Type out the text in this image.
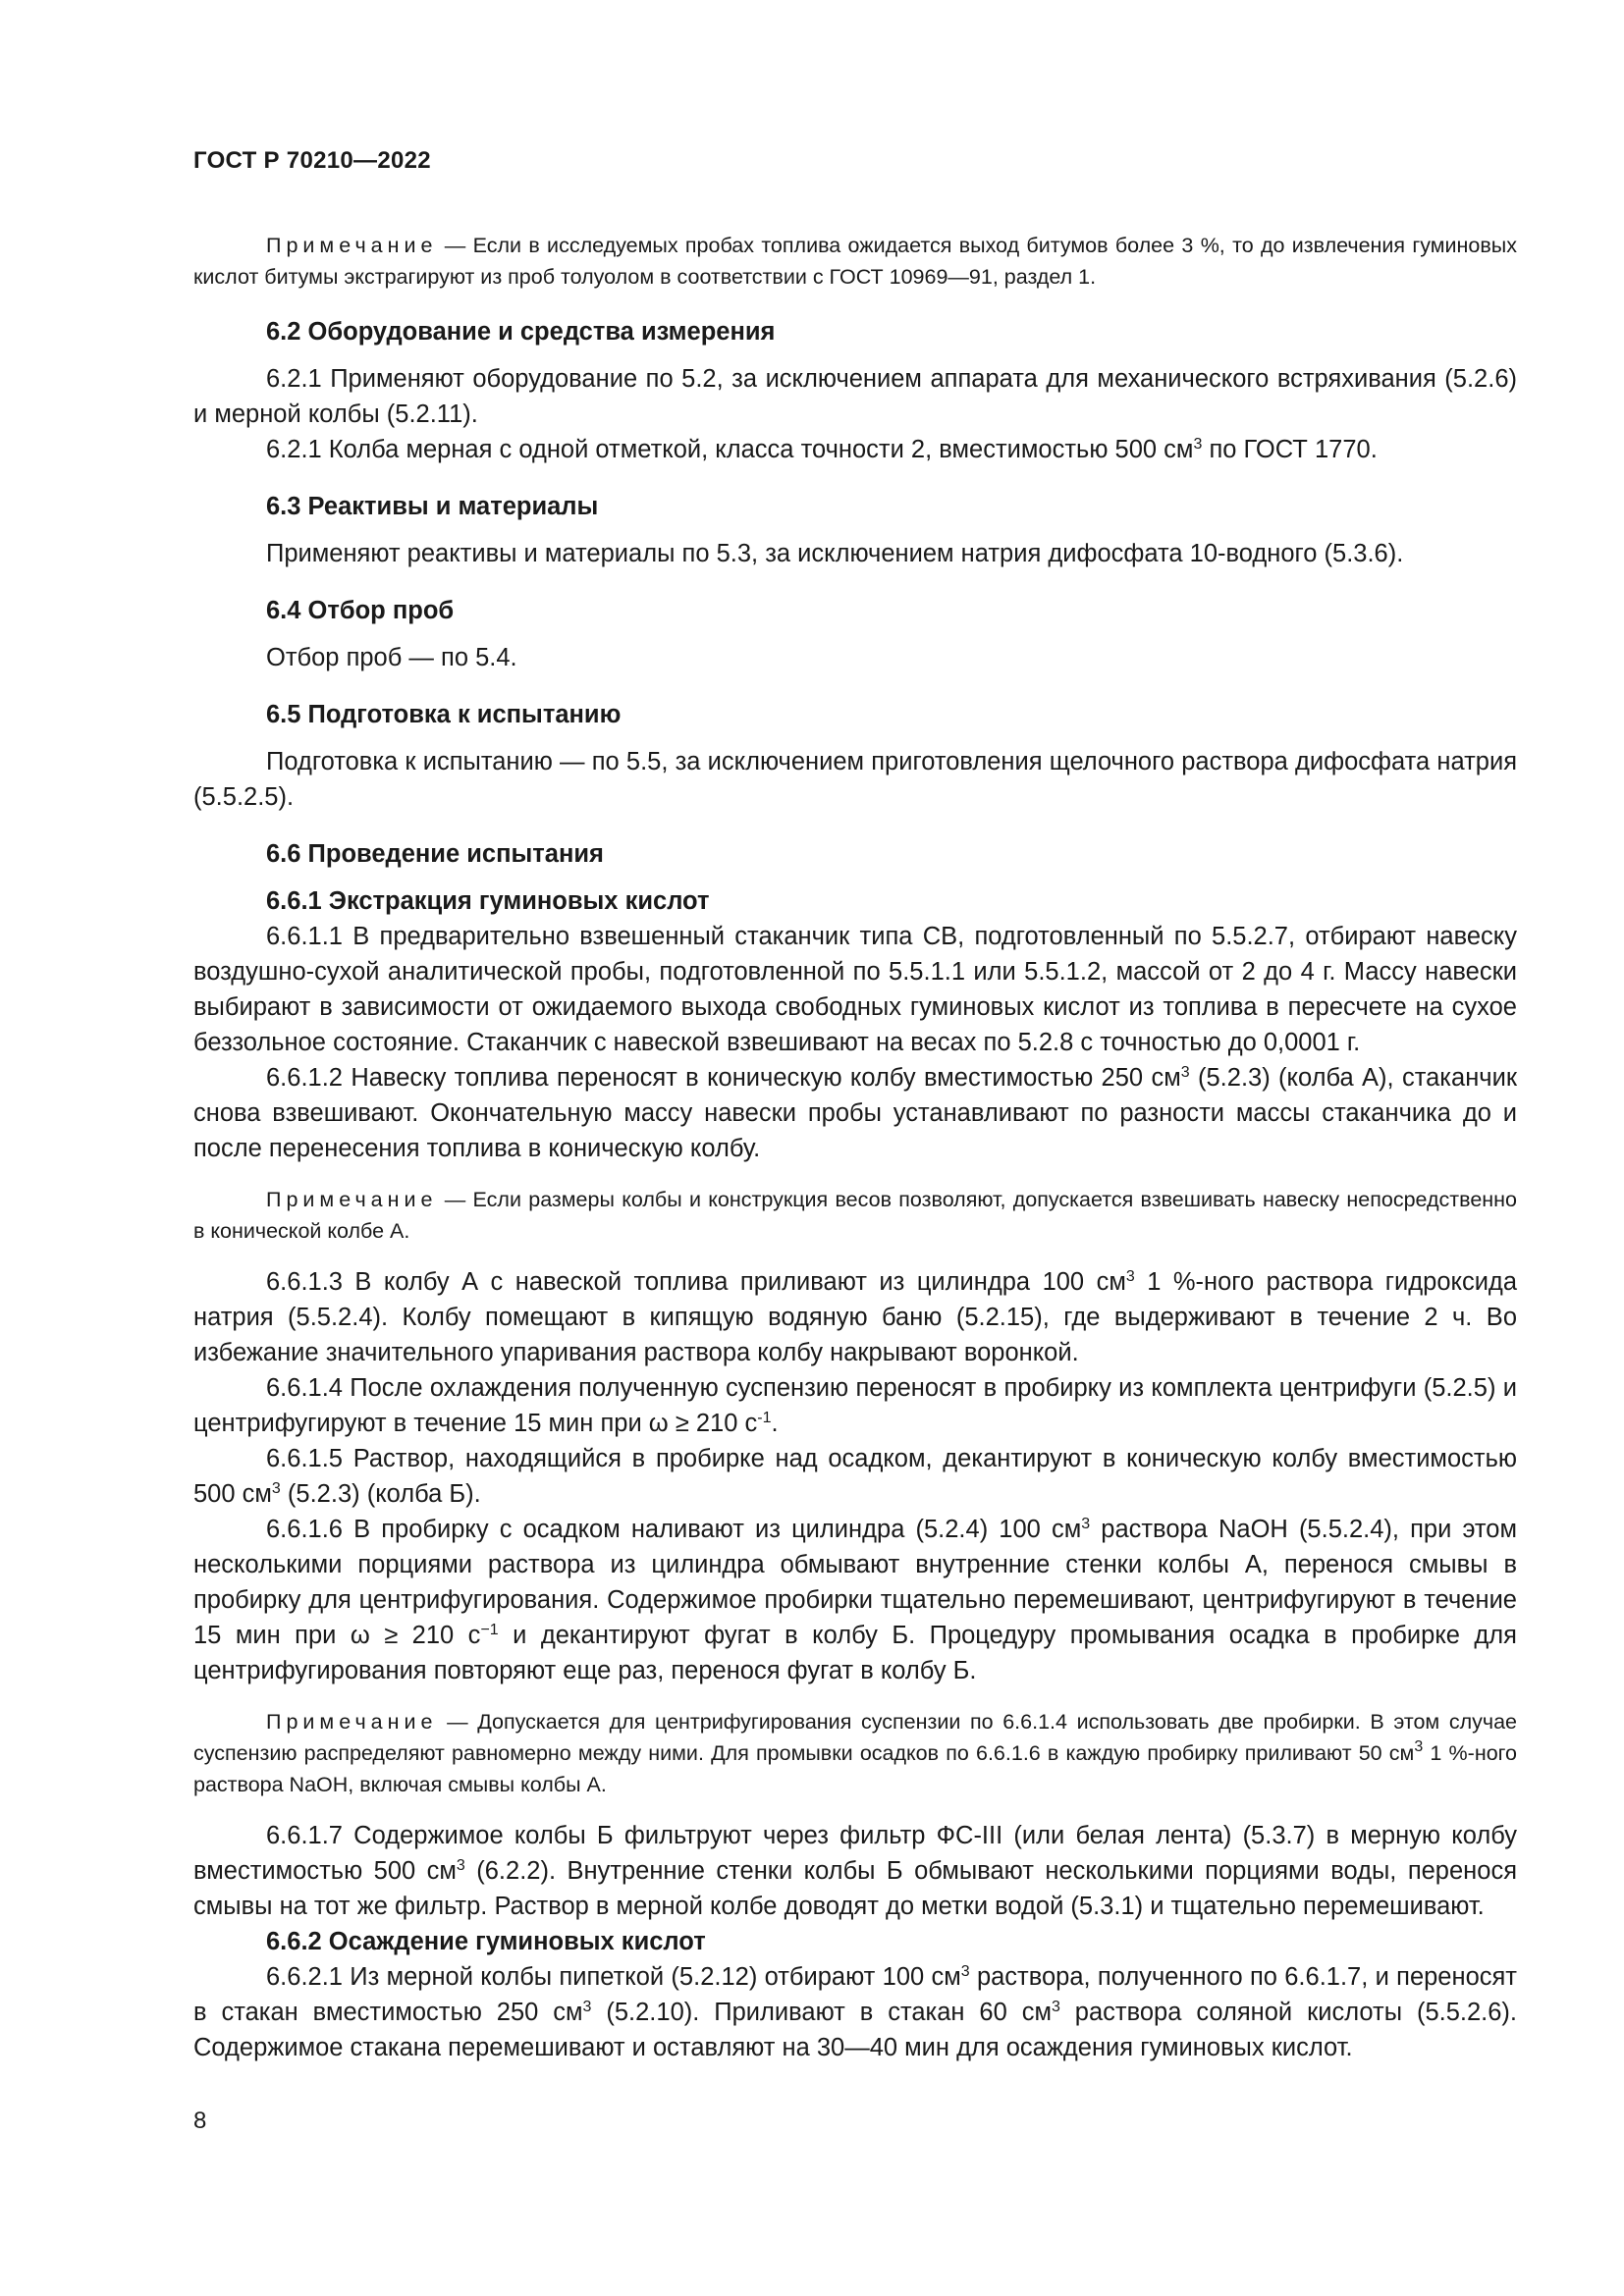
ГОСТ Р 70210—2022

Примечание — Если в исследуемых пробах топлива ожидается выход битумов более 3 %, то до извлечения гуминовых кислот битумы экстрагируют из проб толуолом в соответствии с ГОСТ 10969—91, раздел 1.

6.2 Оборудование и средства измерения

6.2.1 Применяют оборудование по 5.2, за исключением аппарата для механического встряхивания (5.2.6) и мерной колбы (5.2.11).

6.2.1 Колба мерная с одной отметкой, класса точности 2, вместимостью 500 $см^3$ по ГОСТ 1770.

6.3 Реактивы и материалы

Применяют реактивы и материалы по 5.3, за исключением натрия дифосфата 10-водного (5.3.6).

6.4 Отбор проб

Отбор проб — по 5.4.

6.5 Подготовка к испытанию

Подготовка к испытанию — по 5.5, за исключением приготовления щелочного раствора дифосфата натрия (5.5.2.5).

6.6 Проведение испытания

6.6.1 Экстракция гуминовых кислот

6.6.1.1 В предварительно взвешенный стаканчик типа СВ, подготовленный по 5.5.2.7, отбирают навеску воздушно-сухой аналитической пробы, подготовленной по 5.5.1.1 или 5.5.1.2, массой от 2 до 4 г. Массу навески выбирают в зависимости от ожидаемого выхода свободных гуминовых кислот из топлива в пересчете на сухое беззольное состояние. Стаканчик с навеской взвешивают на весах по 5.2.8 с точностью до 0,0001 г.

6.6.1.2 Навеску топлива переносят в коническую колбу вместимостью 250 $см^3$ (5.2.3) (колба А), стаканчик снова взвешивают. Окончательную массу навески пробы устанавливают по разности массы стаканчика до и после перенесения топлива в коническую колбу.

Примечание — Если размеры колбы и конструкция весов позволяют, допускается взвешивать навеску непосредственно в конической колбе А.

6.6.1.3 В колбу А с навеской топлива приливают из цилиндра 100 $см^3$ 1 %-ного раствора гидроксида натрия (5.5.2.4). Колбу помещают в кипящую водяную баню (5.2.15), где выдерживают в течение 2 ч. Во избежание значительного упаривания раствора колбу накрывают воронкой.

6.6.1.4 После охлаждения полученную суспензию переносят в пробирку из комплекта центрифуги (5.2.5) и центрифугируют в течение 15 мин при ω ≥ 210 $с^{-1}$.

6.6.1.5 Раствор, находящийся в пробирке над осадком, декантируют в коническую колбу вместимостью 500 $см^3$ (5.2.3) (колба Б).

6.6.1.6 В пробирку с осадком наливают из цилиндра (5.2.4) 100 $см^3$ раствора NaOH (5.5.2.4), при этом несколькими порциями раствора из цилиндра обмывают внутренние стенки колбы А, перенося смывы в пробирку для центрифугирования. Содержимое пробирки тщательно перемешивают, центрифугируют в течение 15 мин при ω ≥ 210 $с^{-1}$ и декантируют фугат в колбу Б. Процедуру промывания осадка в пробирке для центрифугирования повторяют еще раз, перенося фугат в колбу Б.

Примечание — Допускается для центрифугирования суспензии по 6.6.1.4 использовать две пробирки. В этом случае суспензию распределяют равномерно между ними. Для промывки осадков по 6.6.1.6 в каждую пробирку приливают 50 $см^3$ 1 %-ного раствора NaOH, включая смывы колбы А.

6.6.1.7 Содержимое колбы Б фильтруют через фильтр ФС-III (или белая лента) (5.3.7) в мерную колбу вместимостью 500 $см^3$ (6.2.2). Внутренние стенки колбы Б обмывают несколькими порциями воды, перенося смывы на тот же фильтр. Раствор в мерной колбе доводят до метки водой (5.3.1) и тщательно перемешивают.

6.6.2 Осаждение гуминовых кислот

6.6.2.1 Из мерной колбы пипеткой (5.2.12) отбирают 100 $см^3$ раствора, полученного по 6.6.1.7, и переносят в стакан вместимостью 250 $см^3$ (5.2.10). Приливают в стакан 60 $см^3$ раствора соляной кислоты (5.5.2.6). Содержимое стакана перемешивают и оставляют на 30—40 мин для осаждения гуминовых кислот.

8
